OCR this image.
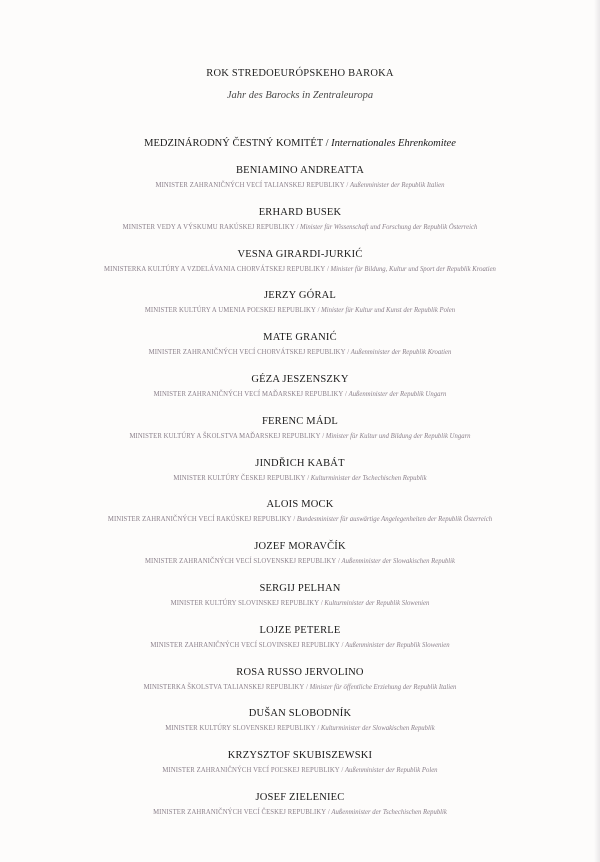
ROK STREDOEURÓPSKEHO BAROKA
Jahr des Barocks in Zentraleuropa
MEDZINÁRODNÝ ČESTNÝ KOMITÉT / Internationales Ehrenkomitee
BENIAMINO ANDREATTA
MINISTER ZAHRANIČNÝCH VECÍ TALIANSKEJ REPUBLIKY / Außenminister der Republik Italien
ERHARD BUSEK
MINISTER VEDY A VÝSKUMU RAKÚSKEJ REPUBLIKY / Minister für Wissenschaft und Forschung der Republik Österreich
VESNA GIRARDI-JURKIĆ
MINISTERKA KULTÚRY A VZDELÁVANIA CHORVÁTSKEJ REPUBLIKY / Minister für Bildung, Kultur und Sport der Republik Kroatien
JERZY GÓRAL
MINISTER KULTÚRY A UMENIA POĽSKEJ REPUBLIKY / Minister für Kultur und Kunst der Republik Polen
MATE GRANIĆ
MINISTER ZAHRANIČNÝCH VECÍ CHORVÁTSKEJ REPUBLIKY / Außenminister der Republik Kroatien
GÉZA JESZENSZKY
MINISTER ZAHRANIČNÝCH VECÍ MAĎARSKEJ REPUBLIKY / Außenminister der Republik Ungarn
FERENC MÁDL
MINISTER KULTÚRY A ŠKOLSTVA MAĎARSKEJ REPUBLIKY / Minister für Kultur und Bildung der Republik Ungarn
JINDŘICH KABÁT
MINISTER KULTÚRY ČESKEJ REPUBLIKY / Kulturminister der Tschechischen Republik
ALOIS MOCK
MINISTER ZAHRANIČNÝCH VECÍ RAKÚSKEJ REPUBLIKY / Bundesminister für auswärtige Angelegenheiten der Republik Österreich
JOZEF MORAVČÍK
MINISTER ZAHRANIČNÝCH VECÍ SLOVENSKEJ REPUBLIKY / Außenminister der Slowakischen Republik
SERGIJ PELHAN
MINISTER KULTÚRY SLOVINSKEJ REPUBLIKY / Kulturminister der Republik Slowenien
LOJZE PETERLE
MINISTER ZAHRANIČNÝCH VECÍ SLOVINSKEJ REPUBLIKY / Außenminister der Republik Slowenien
ROSA RUSSO JERVOLINO
MINISTERKA ŠKOLSTVA TALIANSKEJ REPUBLIKY / Minister für öffentliche Erziehung der Republik Italien
DUŠAN SLOBODNÍK
MINISTER KULTÚRY SLOVENSKEJ REPUBLIKY / Kulturminister der Slowakischen Republik
KRZYSZTOF SKUBISZEWSKI
MINISTER ZAHRANIČNÝCH VECÍ POĽSKEJ REPUBLIKY / Außenminister der Republik Polen
JOSEF ZIELENIEC
MINISTER ZAHRANIČNÝCH VECÍ ČESKEJ REPUBLIKY / Außenminister der Tschechischen Republik
